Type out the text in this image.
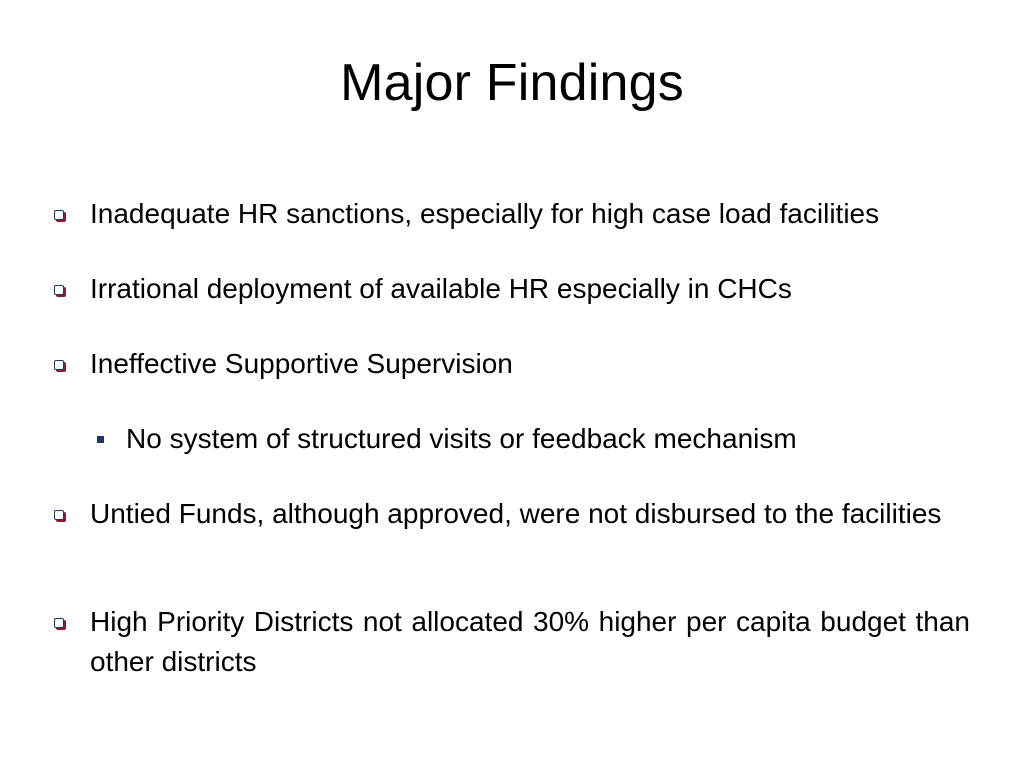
Major Findings
Inadequate HR sanctions, especially for high case load facilities
Irrational deployment of available HR especially in CHCs
Ineffective Supportive Supervision
No system of structured visits or feedback mechanism
Untied Funds, although approved, were not disbursed to the facilities
High Priority Districts not allocated 30% higher per capita budget than other districts
